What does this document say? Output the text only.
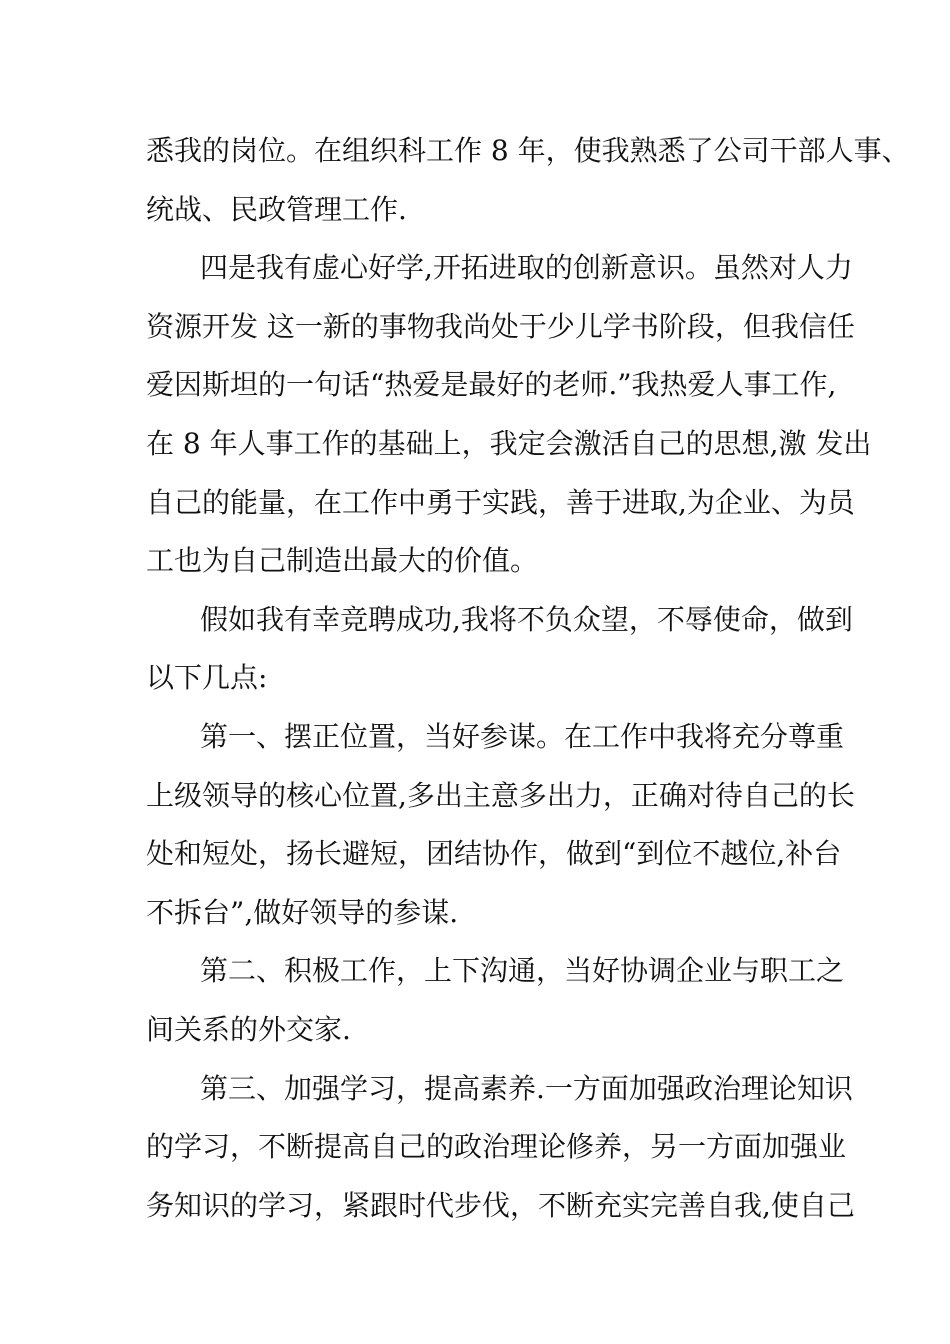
悉我的岗位。在组织科工作 8 年，使我熟悉了公司干部人事、
统战、民政管理工作.
四是我有虚心好学,开拓进取的创新意识。虽然对人力
资源开发 这一新的事物我尚处于少儿学书阶段，但我信任
爱因斯坦的一句话“热爱是最好的老师.”我热爱人事工作,
在 8 年人事工作的基础上，我定会激活自己的思想,激 发出
自己的能量，在工作中勇于实践，善于进取,为企业、为员
工也为自己制造出最大的价值。
假如我有幸竞聘成功,我将不负众望，不辱使命，做到
以下几点:
第一、摆正位置，当好参谋。在工作中我将充分尊重
上级领导的核心位置,多出主意多出力，正确对待自己的长
处和短处，扬长避短，团结协作，做到“到位不越位,补台
不拆台”,做好领导的参谋.
第二、积极工作，上下沟通，当好协调企业与职工之
间关系的外交家.
第三、加强学习，提高素养.一方面加强政治理论知识
的学习，不断提高自己的政治理论修养，另一方面加强业
务知识的学习，紧跟时代步伐，不断充实完善自我,使自己
